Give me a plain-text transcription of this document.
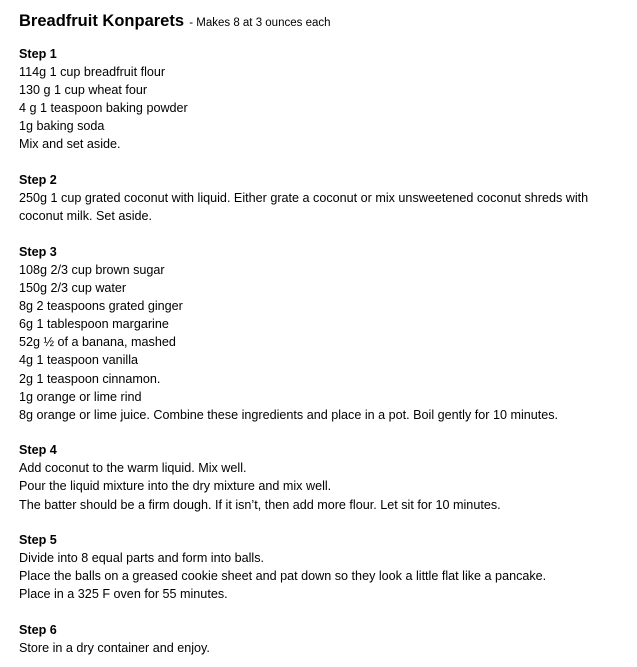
Breadfruit Konparets - Makes 8 at 3 ounces each
Step 1
114g 1 cup breadfruit flour
130 g 1 cup wheat four
4 g 1 teaspoon baking powder
1g baking soda
Mix and set aside.
Step 2
250g 1 cup grated coconut with liquid. Either grate a coconut or mix unsweetened coconut shreds with coconut milk. Set aside.
Step 3
108g 2/3 cup brown sugar
150g 2/3 cup water
8g 2 teaspoons grated ginger
6g 1 tablespoon margarine
52g ½ of a banana, mashed
4g 1 teaspoon vanilla
2g 1 teaspoon cinnamon.
1g orange or lime rind
8g orange or lime juice. Combine these ingredients and place in a pot. Boil gently for 10 minutes.
Step 4
Add coconut to the warm liquid. Mix well.
Pour the liquid mixture into the dry mixture and mix well.
The batter should be a firm dough. If it isn’t, then add more flour. Let sit for 10 minutes.
Step 5
Divide into 8 equal parts and form into balls.
Place the balls on a greased cookie sheet and pat down so they look a little flat like a pancake.
Place in a 325 F oven for 55 minutes.
Step 6
Store in a dry container and enjoy.
